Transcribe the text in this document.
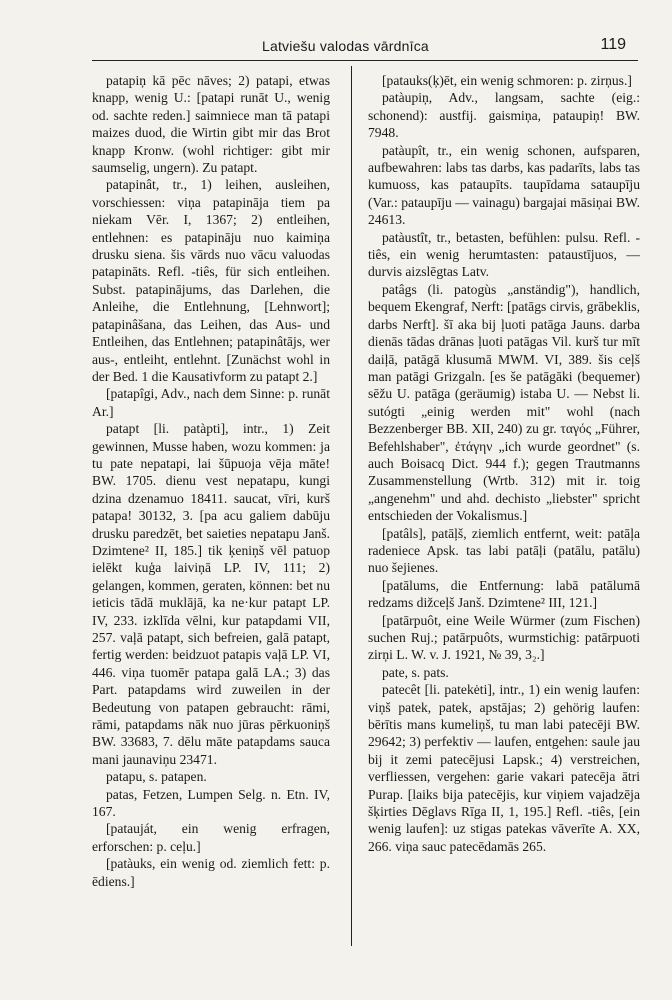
Latviešu valodas vārdnīca	119

patapiņ kā pēc nāves; 2) patapi, etwas knapp, wenig U.: [patapi runāt U., wenig od. sachte reden.] saimniece man tā patapi maizes duod, die Wirtin gibt mir das Brot knapp Kronw. (wohl richtiger: gibt mir saumselig, ungern). Zu patapt.

patapinât, tr., 1) leihen, ausleihen, vorschiessen: viņa patapināja tiem pa niekam Vēr. I, 1367; 2) entleihen, entlehnen: es patapināju nuo kaimiņa drusku siena. šis vārds nuo vācu valuodas patapināts. Refl. -tiês, für sich entleihen. Subst. patapinājums, das Darlehen, die Anleihe, die Entlehnung, [Lehnwort]; patapinâšana, das Leihen, das Aus- und Entleihen, das Entlehnen; patapinâtājs, wer aus-, entleiht, entlehnt. [Zunächst wohl in der Bed. 1 die Kausativform zu patapt 2.]

[patapîgi, Adv., nach dem Sinne: p. runāt Ar.]

patapt [li. patàpti], intr., 1) Zeit gewinnen, Musse haben, wozu kommen: ja tu pate nepatapi, lai šūpuoja vēja māte! BW. 1705. dienu vest nepatapu, kungi dzina dzenamuo 18411. saucat, vīri, kurš patapa! 30132, 3. [pa acu galiem dabūju drusku paredzēt, bet saieties nepatapu Janš. Dzimtene² II, 185.] tik ķeniņš vēl patuop ielēkt kuģa laiviņā LP. IV, 111; 2) gelangen, kommen, geraten, können: bet nu ieticis tādā muklājā, ka ne·kur patapt LP. IV, 233. izklīda vēlni, kur patapdami VII, 257. vaļā patapt, sich befreien, galā patapt, fertig werden: beidzuot patapis vaļā LP. VI, 446. viņa tuomēr patapa galā LA.; 3) das Part. patapdams wird zuweilen in der Bedeutung von patapen gebraucht: rāmi, rāmi, patapdams nāk nuo jūras pērkuoniņš BW. 33683, 7. dēlu māte patapdams sauca mani jaunaviņu 23471.

patapu, s. patapen.

patas, Fetzen, Lumpen Selg. n. Etn. IV, 167.

[patauját, ein wenig erfragen, erforschen: p. ceļu.]

[patàuks, ein wenig od. ziemlich fett: p. ēdiens.]

[patauks(ķ)ēt, ein wenig schmoren: p. zirņus.]

patàupiņ, Adv., langsam, sachte (eig.: schonend): austfij. gaismiņa, pataupiņ! BW. 7948.

patàupît, tr., ein wenig schonen, aufsparen, aufbewahren: labs tas darbs, kas padarīts, labs tas kumuoss, kas pataupīts. taupīdama sataupīju (Var.: pataupīju — vainagu) bargajai māsiņai BW. 24613.

patàustît, tr., betasten, befühlen: pulsu. Refl. -tiês, ein wenig herumtasten: pataustījuos, — durvis aizslēgtas Latv.

patâgs (li. patogùs „anständig"), handlich, bequem Ekengraf, Nerft: [patāgs cirvis, grābeklis, darbs Nerft]. šī aka bij ļuoti patāga Jauns. darba dienās tādas drānas ļuoti patāgas Vil. kurš tur mīt daiļā, patāgā klusumā MWM. VI, 389. šis ceļš man patāgi Grizgaln. [es še patāgāki (bequemer) sēžu U. patāga (geräumig) istaba U. — Nebst li. sutógti „einig werden mit" wohl (nach Bezzenberger BB. XII, 240) zu gr. ταγός „Führer, Befehlshaber", ἐτάγην „ich wurde geordnet" (s. auch Boisacq Dict. 944 f.); gegen Trautmanns Zusammenstellung (Wrtb. 312) mit ir. toig „angenehm" und ahd. dechisto „liebster" spricht entschieden der Vokalismus.]

[patâls], patāļš, ziemlich entfernt, weit: patāļa radeniece Apsk. tas labi patāļi (patālu, patālu) nuo šejienes.

[patālums, die Entfernung: labā patālumā redzams dižceļš Janš. Dzimtene² III, 121.]

[patārpuôt, eine Weile Würmer (zum Fischen) suchen Ruj.; patārpuôts, wurmstichig: patārpuoti zirņi L. W. v. J. 1921, № 39, 3₂.]

pate, s. pats.

patecêt [li. patekėti], intr., 1) ein wenig laufen: viņš patek, patek, apstājas; 2) gehörig laufen: bērītis mans kumeliņš, tu man labi patecēji BW. 29642; 3) perfektiv — laufen, entgehen: saule jau bij it zemi patecējusi Lapsk.; 4) verstreichen, verfliessen, vergehen: garie vakari patecēja ātri Purap. [laiks bija patecējis, kur viņiem vajadzēja šķirties Dēglavs Rīga II, 1, 195.] Refl. -tiês, [ein wenig laufen]: uz stigas patekas vāverīte A. XX, 266. viņa sauc patecēdamās 265.
